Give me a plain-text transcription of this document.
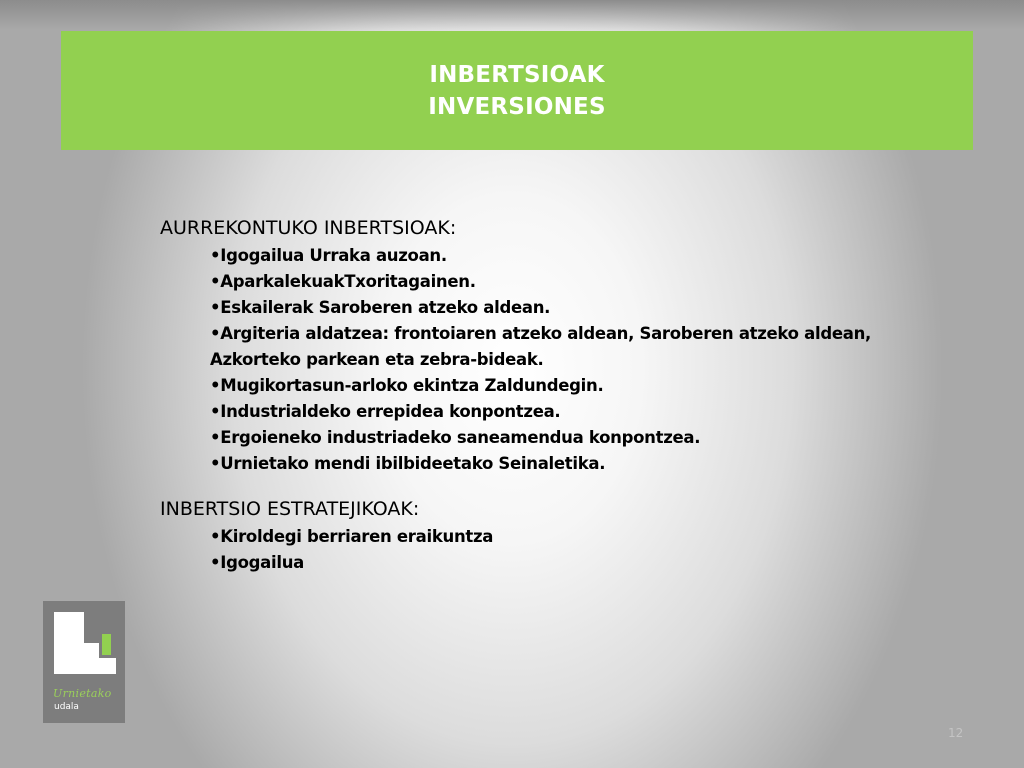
INBERTSIOAK
INVERSIONES
AURREKONTUKO INBERTSIOAK:
•Igogailua Urraka auzoan.
•AparkalekuakTxoritagainen.
•Eskailerak Saroberen atzeko aldean.
•Argiteria aldatzea: frontoiaren atzeko aldean, Saroberen atzeko aldean, Azkorteko parkean eta zebra-bideak.
•Mugikortasun-arloko ekintza Zaldundegin.
•Industrialdeko errepidea konpontzea.
•Ergoieneko industriadeko saneamendua konpontzea.
•Urnietako mendi ibilbideetako Seinaletika.
INBERTSIO ESTRATEJIKOAK:
•Kiroldegi berriaren eraikuntza
•Igogailua
Urnietako
udala
12
